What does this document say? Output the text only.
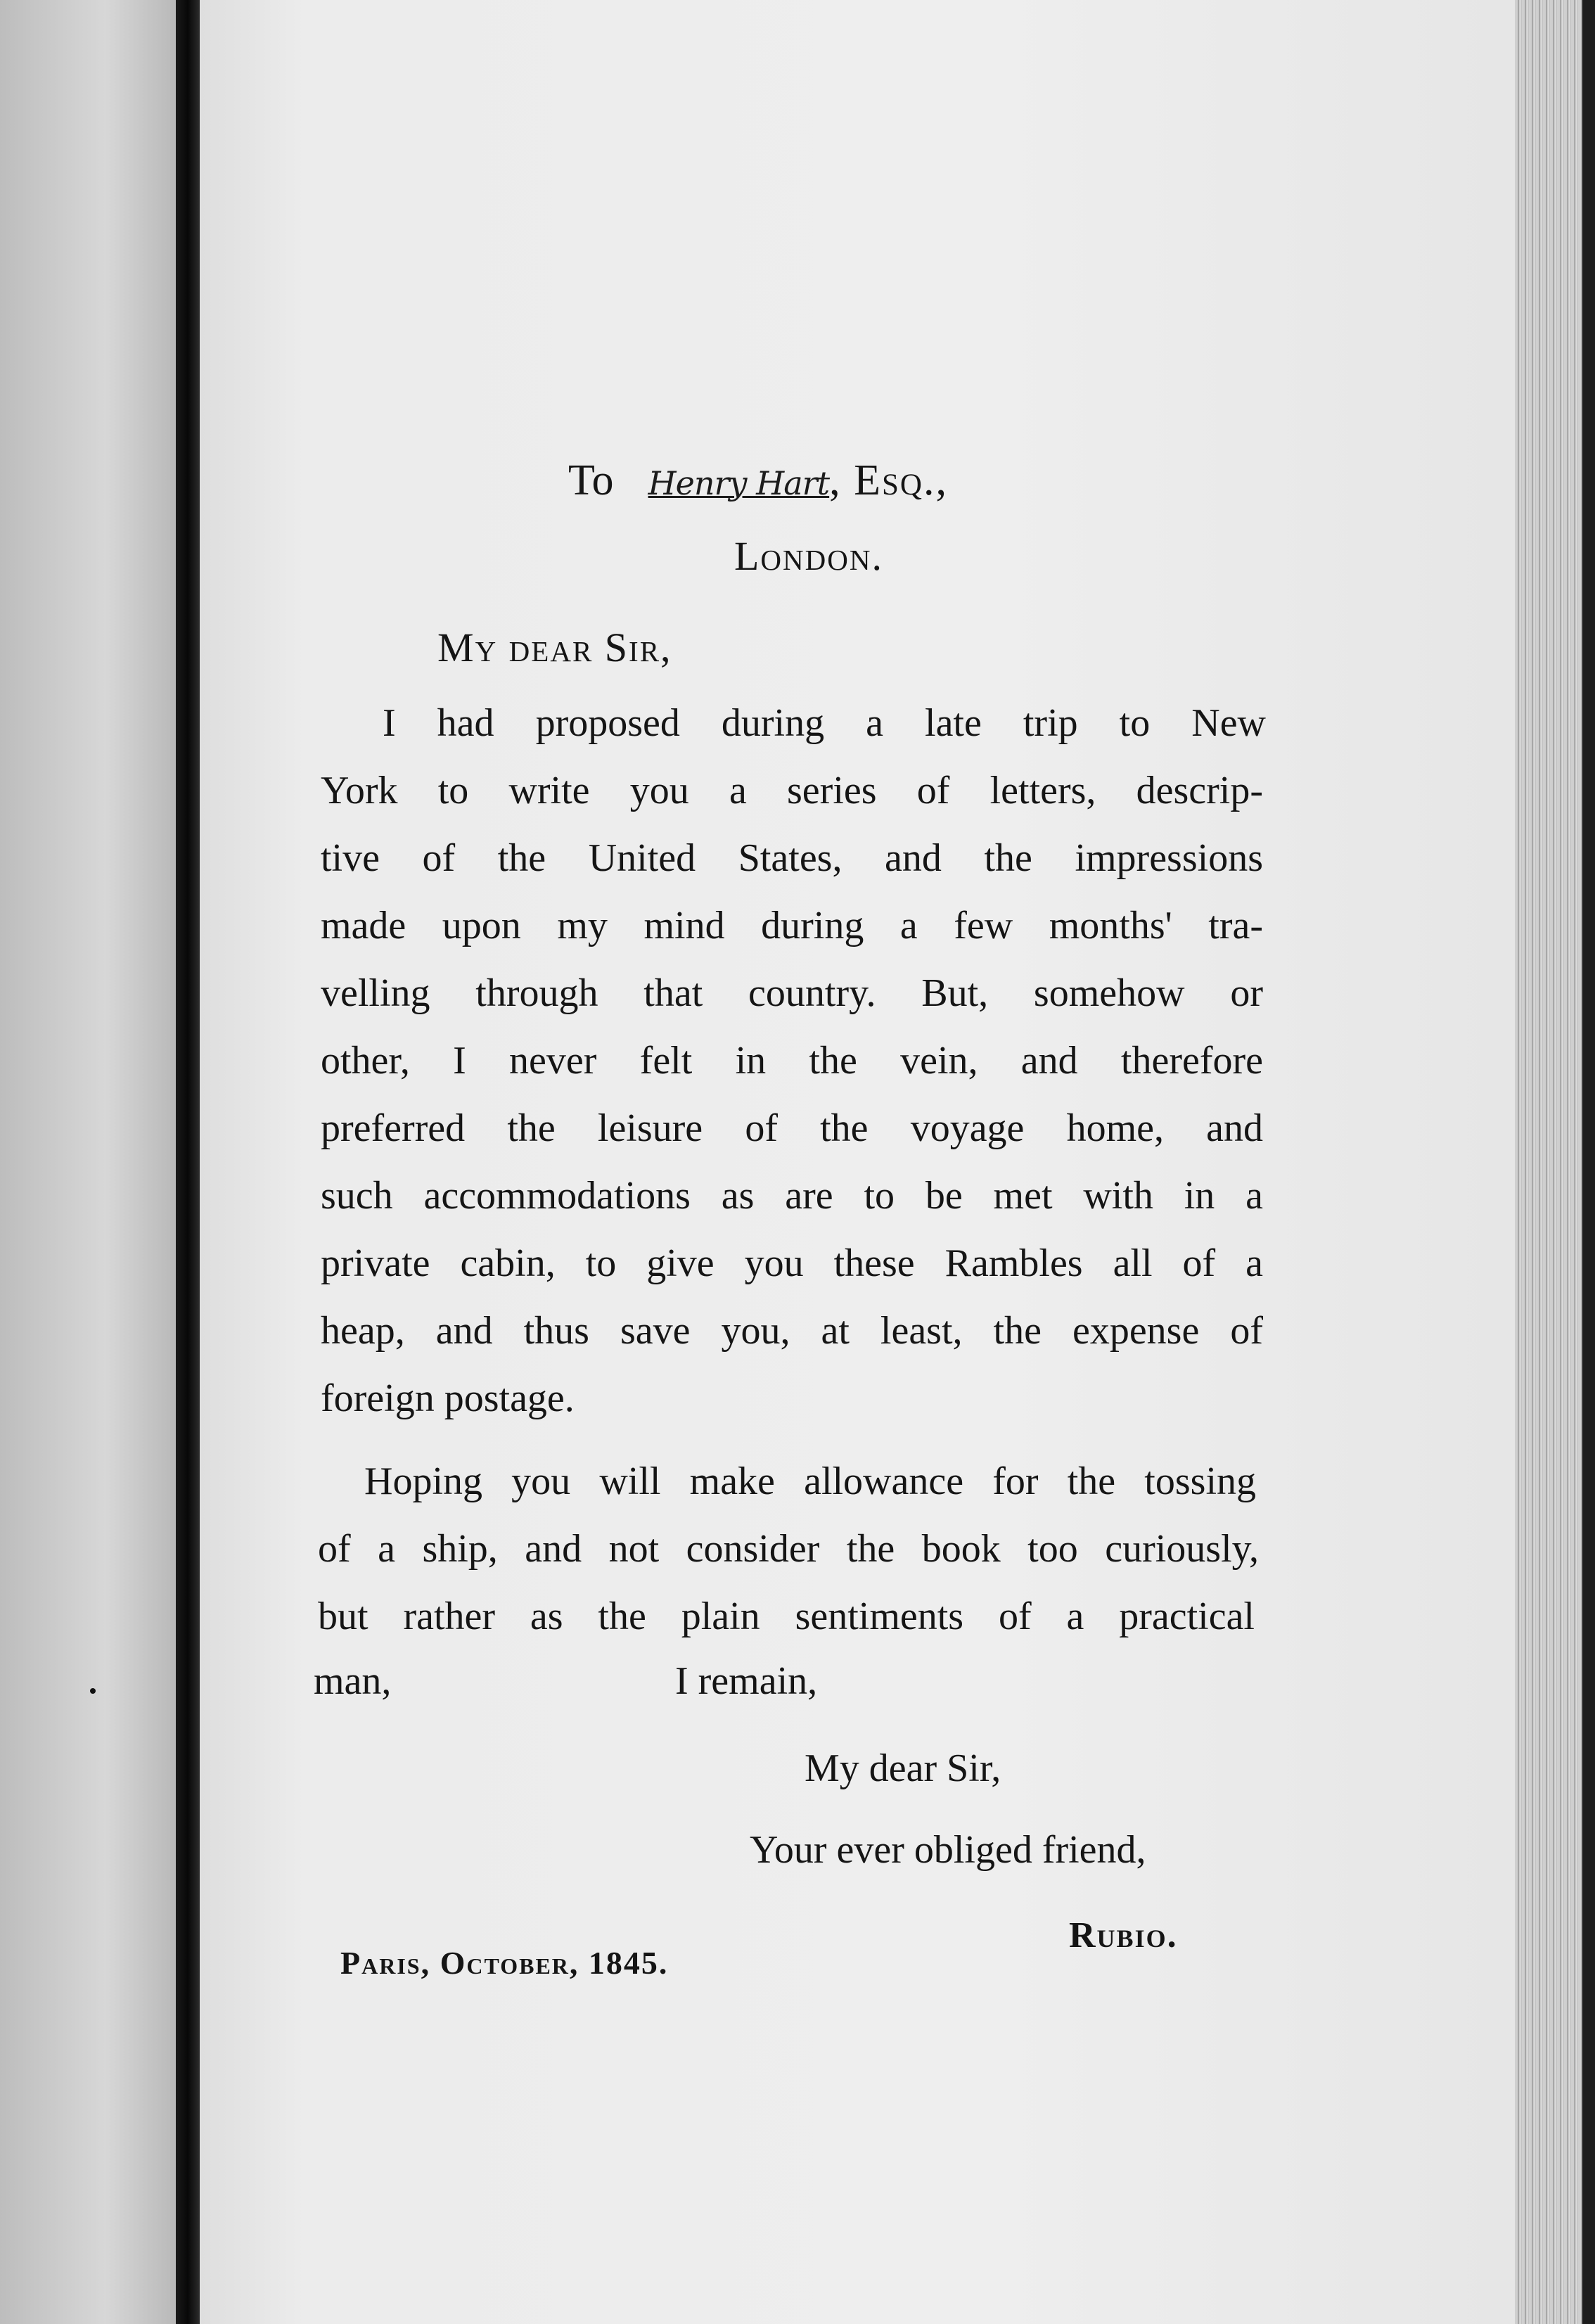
To Henry Hart, Esq.,
London.
My dear Sir,
I had proposed during a late trip to New
York to write you a series of letters, descrip-
tive of the United States, and the impressions
made upon my mind during a few months' tra-
velling through that country. But, somehow or
other, I never felt in the vein, and therefore
preferred the leisure of the voyage home, and
such accommodations as are to be met with in a
private cabin, to give you these Rambles all of a
heap, and thus save you, at least, the expense of
foreign postage.
Hoping you will make allowance for the tossing
of a ship, and not consider the book too curiously,
but rather as the plain sentiments of a practical
man,	I remain,
My dear Sir,
Your ever obliged friend,
Rubio.
Paris, October, 1845.
